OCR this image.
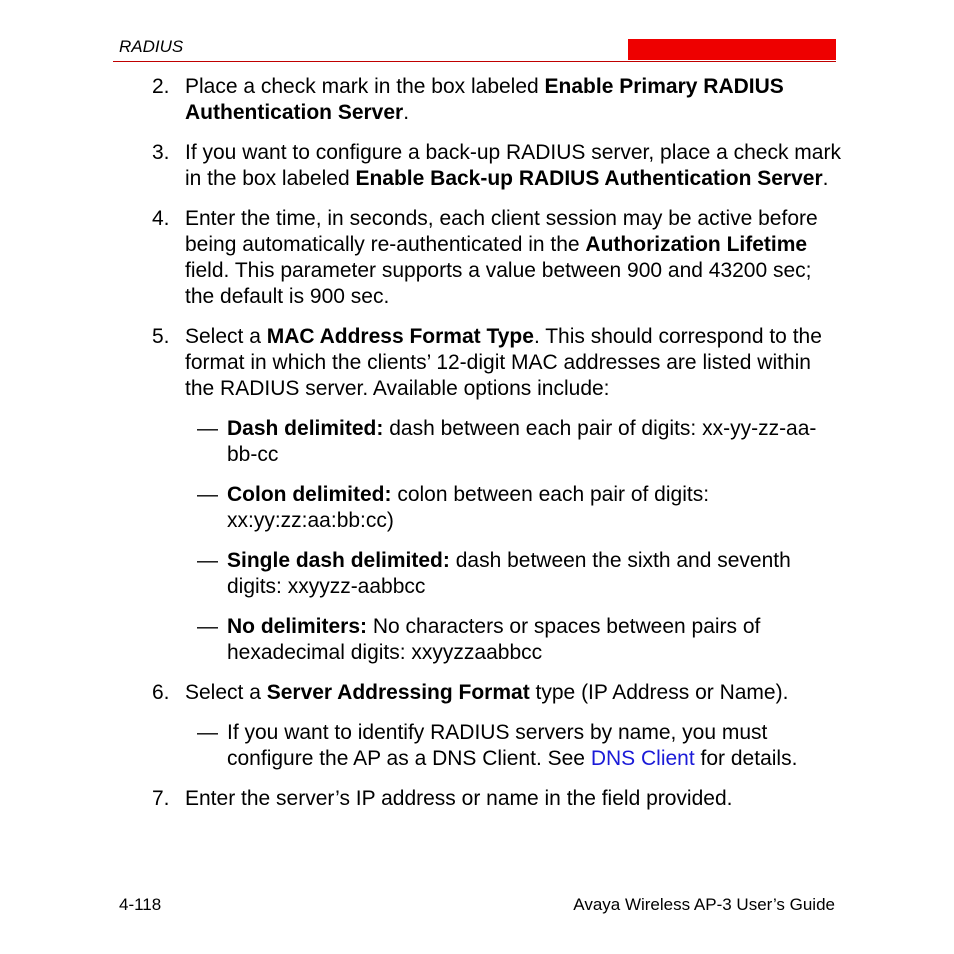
RADIUS
2. Place a check mark in the box labeled Enable Primary RADIUS Authentication Server.
3. If you want to configure a back-up RADIUS server, place a check mark in the box labeled Enable Back-up RADIUS Authentication Server.
4. Enter the time, in seconds, each client session may be active before being automatically re-authenticated in the Authorization Lifetime field. This parameter supports a value between 900 and 43200 sec; the default is 900 sec.
5. Select a MAC Address Format Type. This should correspond to the format in which the clients’ 12-digit MAC addresses are listed within the RADIUS server. Available options include:
— Dash delimited: dash between each pair of digits: xx-yy-zz-aa-bb-cc
— Colon delimited: colon between each pair of digits: xx:yy:zz:aa:bb:cc)
— Single dash delimited: dash between the sixth and seventh digits: xxyyzz-aabbcc
— No delimiters: No characters or spaces between pairs of hexadecimal digits: xxyyzzaabbcc
6. Select a Server Addressing Format type (IP Address or Name).
— If you want to identify RADIUS servers by name, you must configure the AP as a DNS Client. See DNS Client for details.
7. Enter the server’s IP address or name in the field provided.
4-118	Avaya Wireless AP-3 User’s Guide
